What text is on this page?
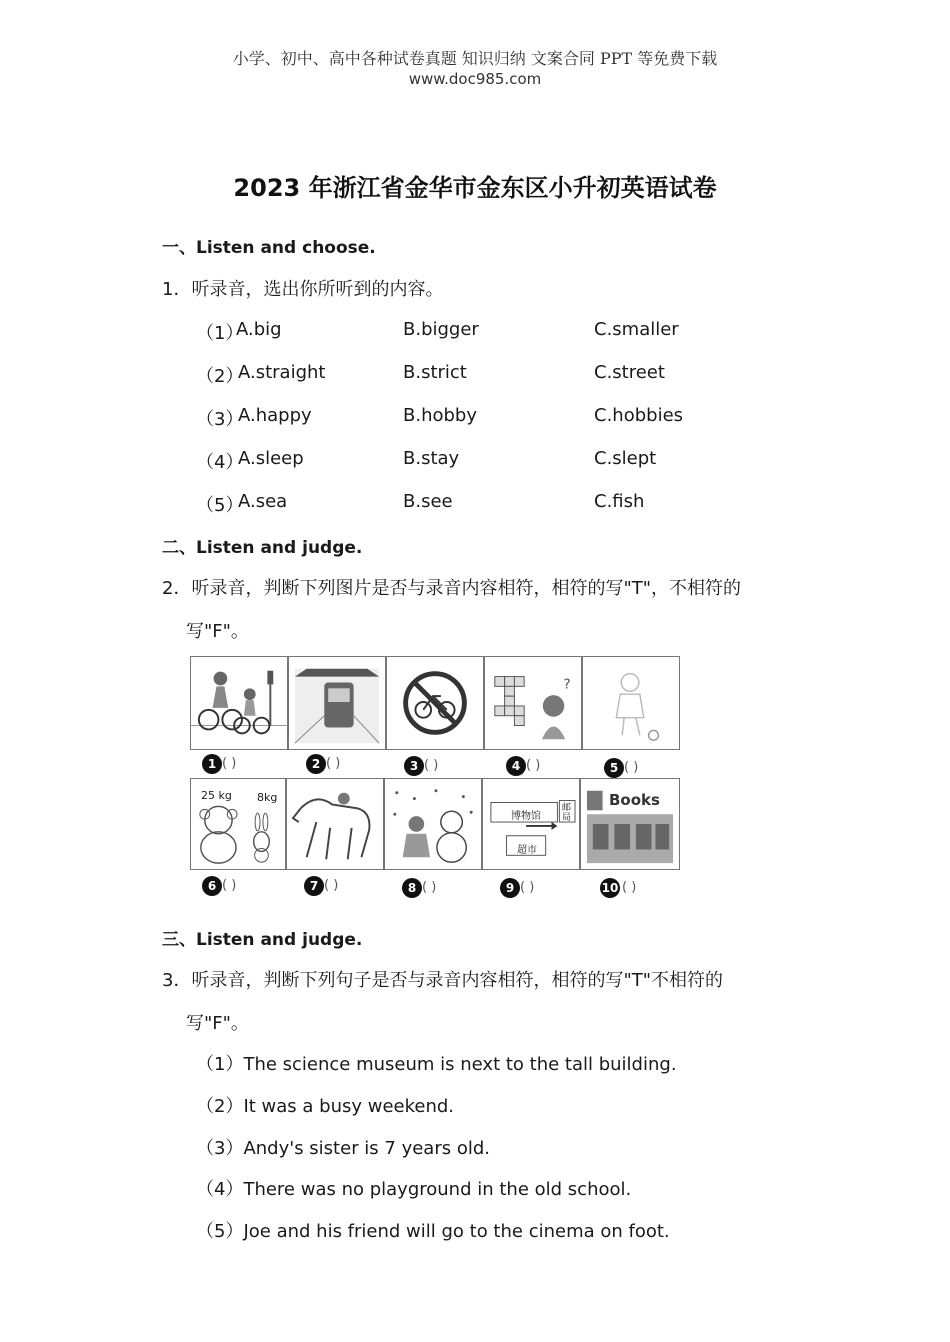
小学、初中、高中各种试卷真题 知识归纳 文案合同 PPT 等免费下载
www.doc985.com
2023 年浙江省金华市金东区小升初英语试卷
一、Listen and choose.
1．听录音，选出你所听到的内容。
（1）
A.big	B.bigger	C.smaller
（2）
A.straight	B.strict	C.street
（3）
A.happy	B.hobby	C.hobbies
（4）
A.sleep	B.stay	C.slept
（5）
A.sea	B.see	C.fish
二、Listen and judge.
2．听录音，判断下列图片是否与录音内容相符，相符的写"T"，不相符的
写"F"。
?
1 ( )	2 ( )	3 ( )	4 ( )	5 ( )
25 kg 8kg
博物馆
邮局
超市
Books
6 ( )	7 ( )	8 ( )	9 ( )	10 ( )
三、Listen and judge.
3．听录音，判断下列句子是否与录音内容相符，相符的写"T"不相符的
写"F"。
（1）The science museum is next to the tall building.
（2）It was a busy weekend.
（3）Andy's sister is 7 years old.
（4）There was no playground in the old school.
（5）Joe and his friend will go to the cinema on foot.
